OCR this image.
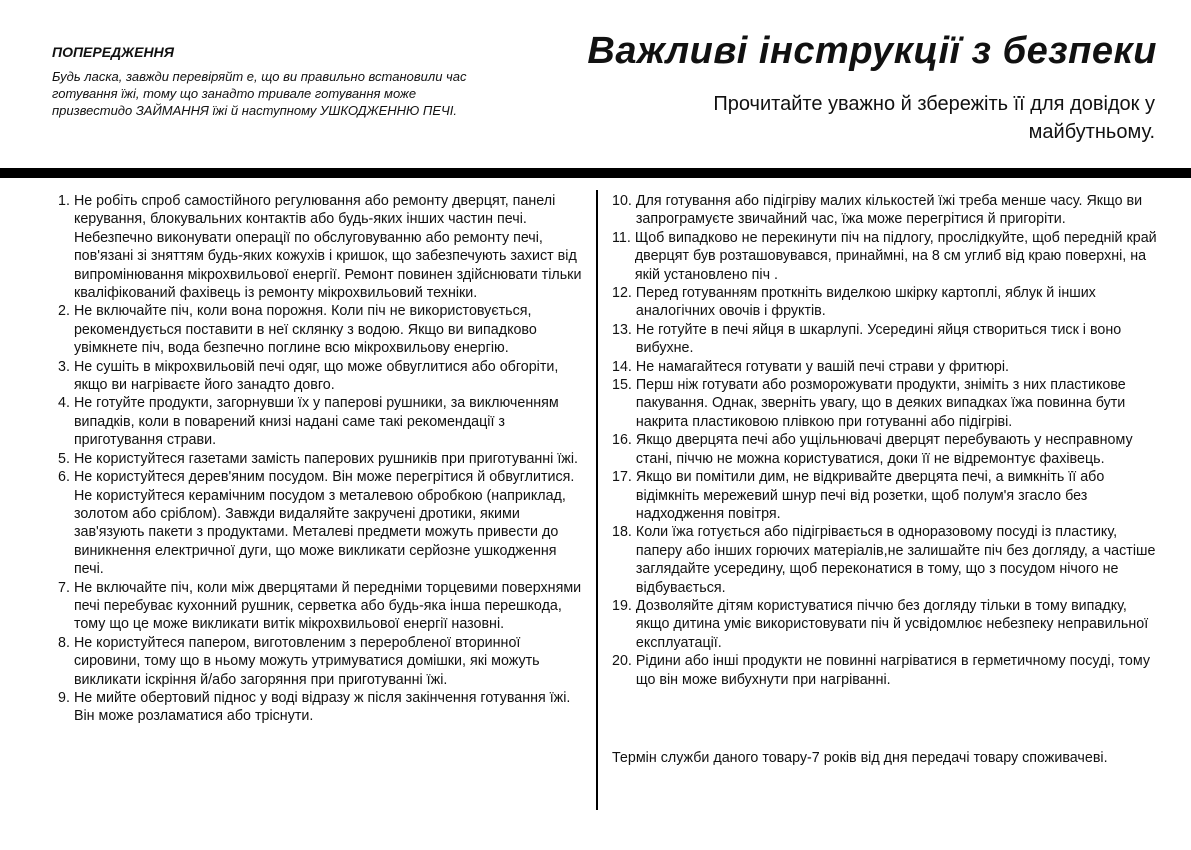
ПОПЕРЕДЖЕННЯ

Будь ласка, завжди перевіряйт е, що ви правильно встановили час готування їжі, тому що занадто тривале готування може призвестидо ЗАЙМАННЯ їжі й наступному УШКОДЖЕННЮ ПЕЧІ.

Важливі інструкції з безпеки

Прочитайте уважно й збережіть її для довідок у майбутньому.

1. Не робіть спроб самостійного регулювання або ремонту дверцят, панелі керування, блокувальних контактів або будь-яких інших частин печі. Небезпечно виконувати операції по обслуговуванню або ремонту печі, пов'язані зі зняттям будь-яких кожухів і кришок, що забезпечують захист від випромінювання мікрохвильової енергії. Ремонт повинен здійснювати тільки кваліфікований фахівець із ремонту мікрохвильовий техніки.
2. Не включайте піч, коли вона порожня. Коли піч не використовується, рекомендується поставити в неї склянку з водою. Якщо ви випадково увімкнете піч, вода безпечно поглине всю мікрохвильову енергію.
3. Не сушіть в мікрохвильовій печі одяг, що може обвуглитися або обгоріти, якщо ви нагріваєте його занадто довго.
4. Не готуйте продукти, загорнувши їх у паперові рушники, за виключенням випадків, коли в поварений книзі надані саме такі рекомендації з приготування страви.
5. Не користуйтеся газетами замість паперових рушників при приготуванні їжі.
6. Не користуйтеся дерев'яним посудом. Він може перегрітися й обвуглитися. Не користуйтеся керамічним посудом з металевою обробкою (наприклад, золотом або сріблом). Завжди видаляйте закручені дротики, якими зав'язують пакети з продуктами. Металеві предмети можуть привести до виникнення електричної дуги, що може викликати серйозне ушкодження печі.
7. Не включайте піч, коли між дверцятами й передніми торцевими поверхнями печі перебуває кухонний рушник, серветка або будь-яка інша перешкода, тому що це може викликати витік мікрохвильової енергії назовні.
8. Не користуйтеся папером, виготовленим з переробленої вторинної сировини, тому що в ньому можуть утримуватися домішки, які можуть викликати іскріння й/або загоряння при приготуванні їжі.
9. Не мийте обертовий піднос у воді відразу ж після закінчення готування їжі. Він може розламатися або тріснути.
10. Для готування або підігріву малих кількостей їжі треба менше часу. Якщо ви запрограмуєте звичайний час, їжа може перегрітися й пригоріти.
11. Щоб випадково не перекинути піч на підлогу, прослідкуйте, щоб передній край дверцят був розташовувався, принаймні, на 8 см углиб від краю поверхні, на якій установлено піч .
12. Перед готуванням проткніть виделкою шкірку картоплі, яблук й інших аналогічних овочів і фруктів.
13. Не готуйте в печі яйця в шкарлупі. Усередині яйця створиться тиск і воно вибухне.
14. Не намагайтеся готувати у вашій печі страви у фритюрі.
15. Перш ніж готувати або розморожувати продукти, зніміть з них пластикове пакування. Однак, зверніть увагу, що в деяких випадках їжа повинна бути накрита пластиковою плівкою при готуванні або підігріві.
16. Якщо дверцята печі або ущільнювачі дверцят перебувають у несправному стані, піччю не можна користуватися, доки її не відремонтує фахівець.
17. Якщо ви помітили дим, не відкривайте дверцята печі, а вимкніть її або відімкніть мережевий шнур печі від розетки, щоб полум'я згасло без надходження повітря.
18. Коли їжа готується або підігрівається в одноразовому посуді із пластику, паперу або інших горючих матеріалів,не залишайте піч без догляду, а частіше заглядайте усередину, щоб переконатися в тому, що з посудом нічого не відбувається.
19. Дозволяйте дітям користуватися піччю без догляду тільки в тому випадку, якщо дитина уміє використовувати піч й усвідомлює небезпеку неправильної експлуатації.
20. Рідини або інші продукти не повинні нагріватися в герметичному посуді, тому що він може вибухнути при нагріванні.

Термін служби даного товару-7 років від дня передачі товару споживачеві.
